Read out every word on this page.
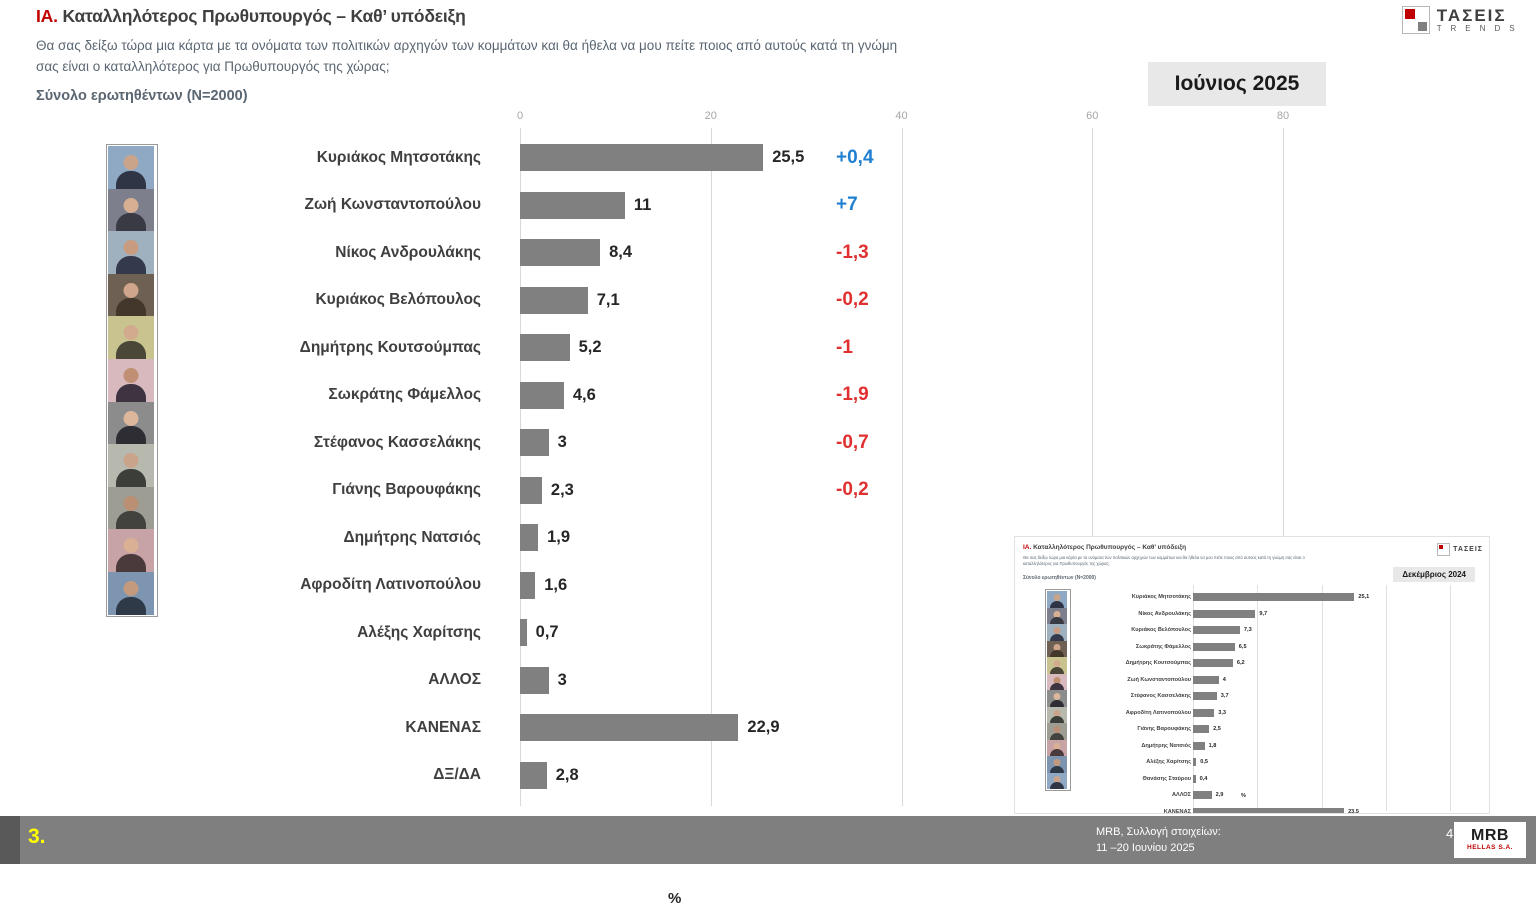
ΙΑ. Καταλληλότερος Πρωθυπουργός – Καθ’ υπόδειξη
Θα σας δείξω τώρα μια κάρτα με τα ονόματα των πολιτικών αρχηγών των κομμάτων και θα ήθελα να μου πείτε ποιος από αυτούς κατά τη γνώμη σας είναι ο καταλληλότερος για Πρωθυπουργός της χώρας;
Σύνολο ερωτηθέντων (Ν=2000)
ΤΑΣΕΙΣ
T R E N D S
Ιούνιος 2025
0	20	40	60	80
Κυριάκος Μητσοτάκης	25,5 +0,4
Ζωή Κωνσταντοπούλου	11	+7
Νίκος Ανδρουλάκης	8,4	-1,3
Κυριάκος Βελόπουλος	7,1	-0,2
Δημήτρης Κουτσούμπας	5,2	-1
Σωκράτης Φάμελλος	4,6	-1,9
Στέφανος Κασσελάκης	3	-0,7
Γιάνης Βαρουφάκης	2,3	-0,2
Δημήτρης Νατσιός	1,9
Αφροδίτη Λατινοπούλου	1,6
Αλέξης Χαρίτσης	0,7
ΑΛΛΟΣ	3
ΚΑΝΕΝΑΣ	22,9
ΔΞ/ΔΑ	2,8
%
ΙΑ. Καταλληλότερος Πρωθυπουργός – Καθ’ υπόδειξη
Θα σας δείξω τώρα μια κάρτα με τα ονόματα των πολιτικών αρχηγών των κομμάτων και θα ήθελα να μου πείτε ποιος από αυτούς κατά τη γνώμη σας είναι ο καταλληλότερος για Πρωθυπουργός της χώρας;
Σύνολο ερωτηθέντων (Ν=2000)
ΤΑΣΕΙΣ
Δεκέμβριος 2024
Κυριάκος Μητσοτάκης	25,1
Νίκος Ανδρουλάκης	9,7
Κυριάκος Βελόπουλος	7,3
Σωκράτης Φάμελλος	6,5
Δημήτρης Κουτσούμπας	6,2
Ζωή Κωνσταντοπούλου	4
Στέφανος Κασσελάκης	3,7
Αφροδίτη Λατινοπούλου	3,3
Γιάνης Βαρουφάκης	2,5
Δημήτρης Νατσιός	1,8
Αλέξης Χαρίτσης 0,5
Θανάσης Σταύρου 0,4
ΑΛΛΟΣ	2,9
ΚΑΝΕΝΑΣ	23,5
%
3.	MRB, Συλλογή στοιχείων:
11 –20 Ιουνίου 2025
4 MRB
HELLAS S.A.
